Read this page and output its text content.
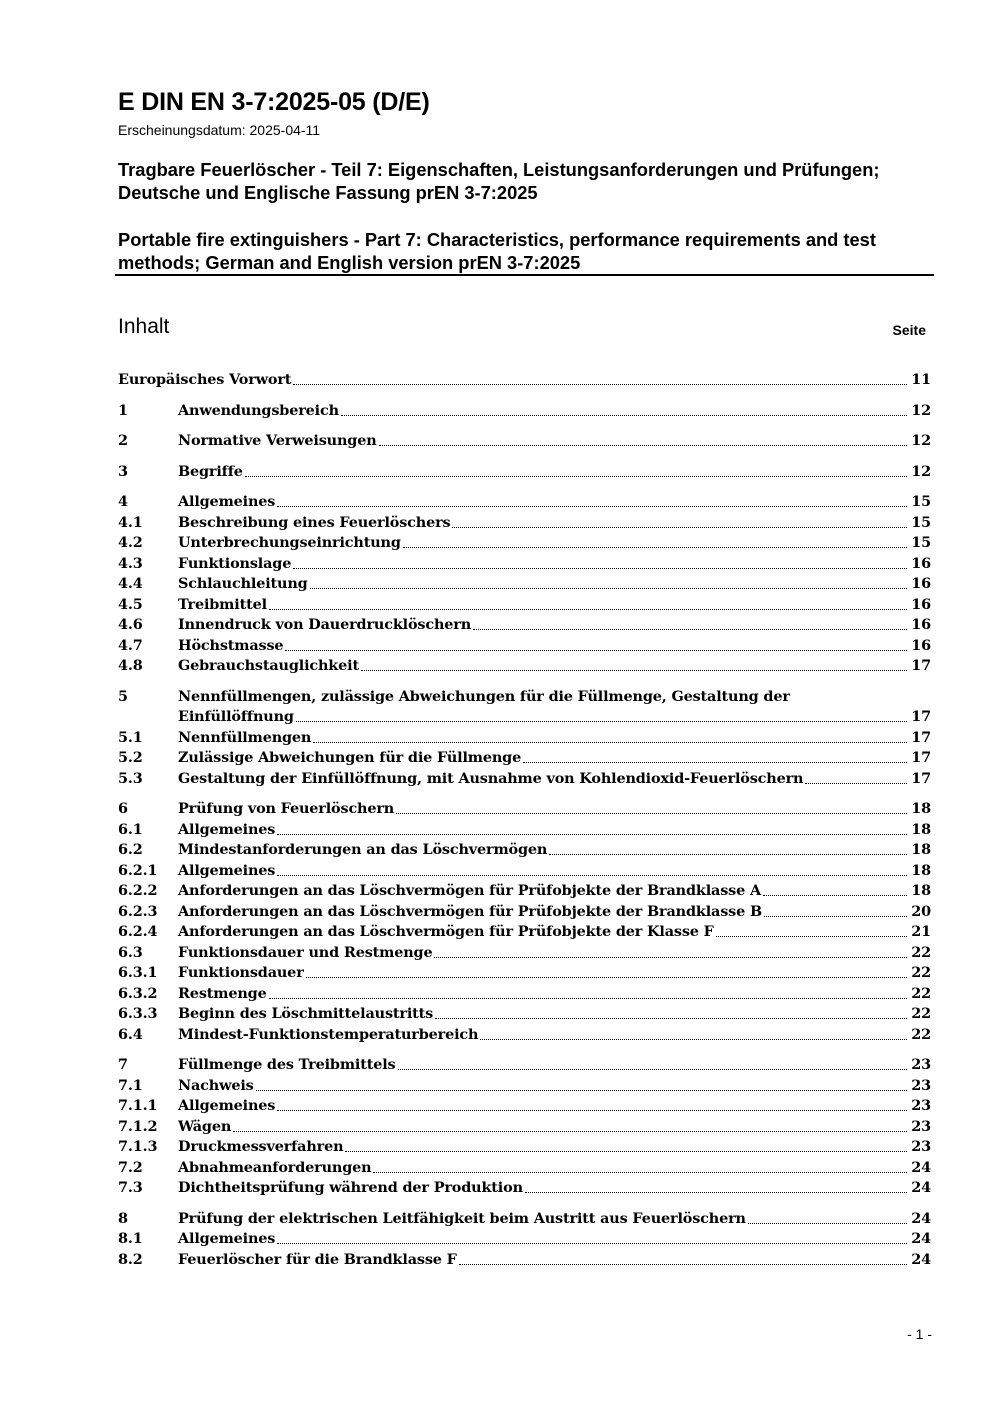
E DIN EN 3-7:2025-05 (D/E)
Erscheinungsdatum: 2025-04-11
Tragbare Feuerlöscher - Teil 7: Eigenschaften, Leistungsanforderungen und Prüfungen; Deutsche und Englische Fassung prEN 3-7:2025
Portable fire extinguishers - Part 7: Characteristics, performance requirements and test methods; German and English version prEN 3-7:2025
Inhalt	Seite
Europäisches Vorwort	11
1	Anwendungsbereich	12
2	Normative Verweisungen	12
3	Begriffe	12
4	Allgemeines	15
4.1 Beschreibung eines Feuerlöschers	15
4.2 Unterbrechungseinrichtung	15
4.3 Funktionslage	16
4.4 Schlauchleitung	16
4.5 Treibmittel	16
4.6 Innendruck von Dauerdrucklöschern	16
4.7 Höchstmasse	16
4.8 Gebrauchstauglichkeit	17
5	Nennfüllmengen, zulässige Abweichungen für die Füllmenge, Gestaltung der
Einfüllöffnung	17
5.1 Nennfüllmengen	17
5.2 Zulässige Abweichungen für die Füllmenge	17
5.3 Gestaltung der Einfüllöffnung, mit Ausnahme von Kohlendioxid-Feuerlöschern	17
6	Prüfung von Feuerlöschern	18
6.1 Allgemeines	18
6.2 Mindestanforderungen an das Löschvermögen	18
6.2.1 Allgemeines	18
6.2.2 Anforderungen an das Löschvermögen für Prüfobjekte der Brandklasse A	18
6.2.3 Anforderungen an das Löschvermögen für Prüfobjekte der Brandklasse B	20
6.2.4 Anforderungen an das Löschvermögen für Prüfobjekte der Klasse F	21
6.3 Funktionsdauer und Restmenge	22
6.3.1 Funktionsdauer	22
6.3.2 Restmenge	22
6.3.3 Beginn des Löschmittelaustritts	22
6.4 Mindest-Funktionstemperaturbereich	22
7	Füllmenge des Treibmittels	23
7.1 Nachweis	23
7.1.1 Allgemeines	23
7.1.2 Wägen	23
7.1.3 Druckmessverfahren	23
7.2 Abnahmeanforderungen	24
7.3 Dichtheitsprüfung während der Produktion	24
8	Prüfung der elektrischen Leitfähigkeit beim Austritt aus Feuerlöschern	24
8.1 Allgemeines	24
8.2 Feuerlöscher für die Brandklasse F	24
- 1 -
